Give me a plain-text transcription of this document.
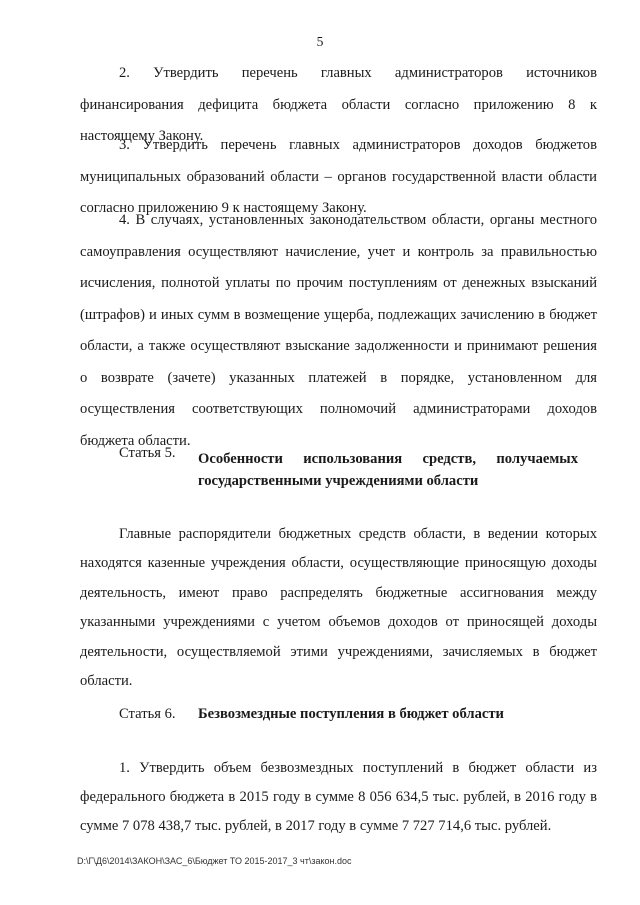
5

2. Утвердить перечень главных администраторов источников финансирования дефицита бюджета области согласно приложению 8 к настоящему Закону.

3. Утвердить перечень главных администраторов доходов бюджетов муниципальных образований области – органов государственной власти области согласно приложению 9 к настоящему Закону.

4. В случаях, установленных законодательством области, органы местного самоуправления осуществляют начисление, учет и контроль за правильностью исчисления, полнотой уплаты по прочим поступлениям от денежных взысканий (штрафов) и иных сумм в возмещение ущерба, подлежащих зачислению в бюджет области, а также осуществляют взыскание задолженности и принимают решения о возврате (зачете) указанных платежей в порядке, установленном для осуществления соответствующих полномочий администраторами доходов бюджета области.

Статья 5. Особенности использования средств, получаемых
государственными учреждениями области

Главные распорядители бюджетных средств области, в ведении которых находятся казенные учреждения области, осуществляющие приносящую доходы деятельность, имеют право распределять бюджетные ассигнования между указанными учреждениями с учетом объемов доходов от приносящей доходы деятельности, осуществляемой этими учреждениями, зачисляемых в бюджет области.

Статья 6. Безвозмездные поступления в бюджет области

1. Утвердить объем безвозмездных поступлений в бюджет области из федерального бюджета в 2015 году в сумме 8 056 634,5 тыс. рублей, в 2016 году в сумме 7 078 438,7 тыс. рублей, в 2017 году в сумме 7 727 714,6 тыс. рублей.

D:\Г\Д6\2014\ЗАКОН\ЗАС_6\Бюджет ТО 2015-2017_3 чт\закон.doc
